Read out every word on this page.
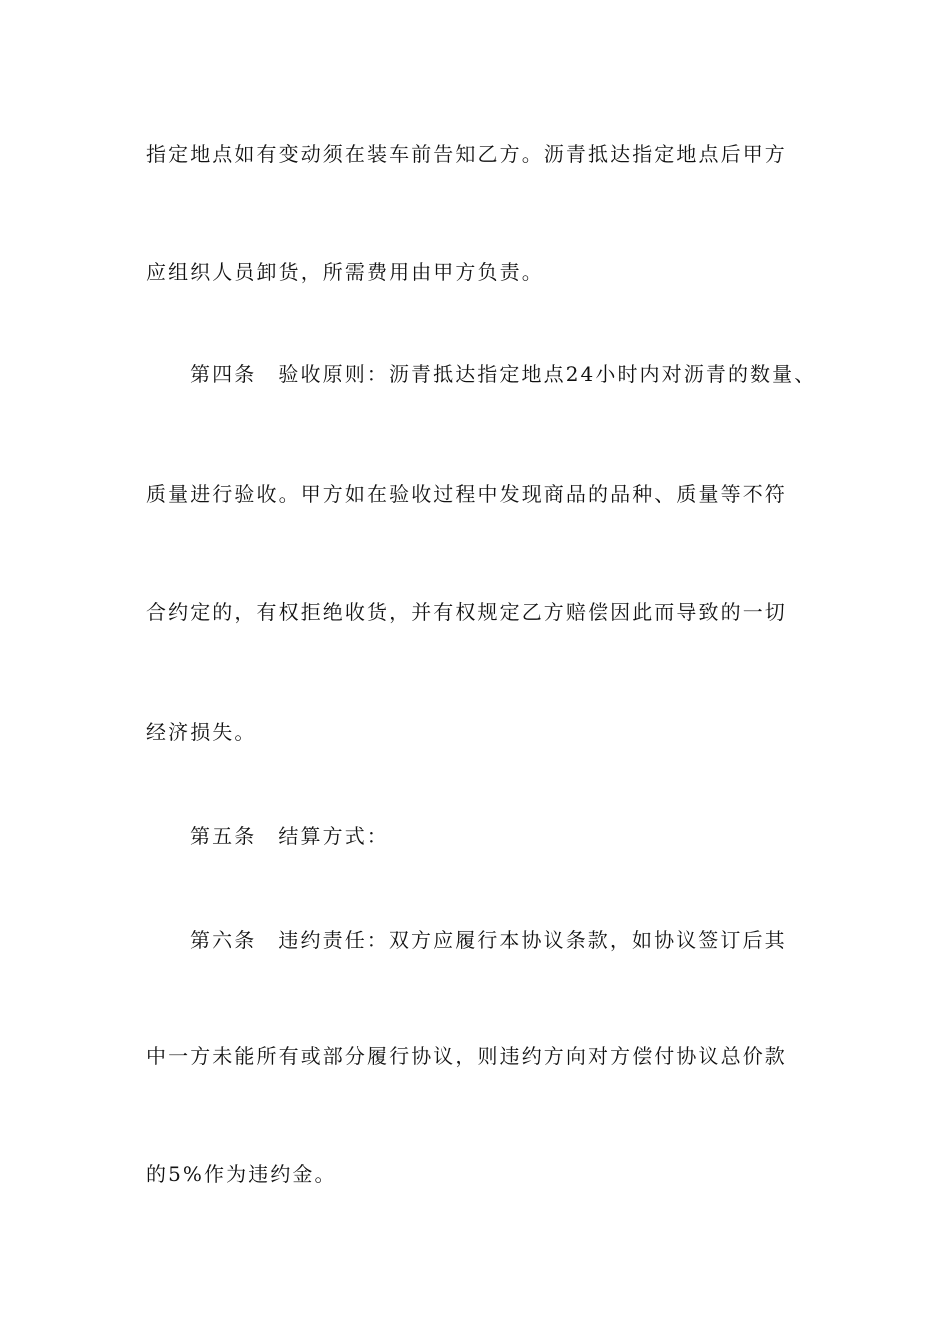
指定地点如有变动须在装车前告知乙方。沥青抵达指定地点后甲方
应组织人员卸货，所需费用由甲方负责。
第四条　验收原则：沥青抵达指定地点24小时内对沥青的数量、
质量进行验收。甲方如在验收过程中发现商品的品种、质量等不符
合约定的，有权拒绝收货，并有权规定乙方赔偿因此而导致的一切
经济损失。
第五条　结算方式：
第六条　违约责任：双方应履行本协议条款，如协议签订后其
中一方未能所有或部分履行协议，则违约方向对方偿付协议总价款
的5%作为违约金。
